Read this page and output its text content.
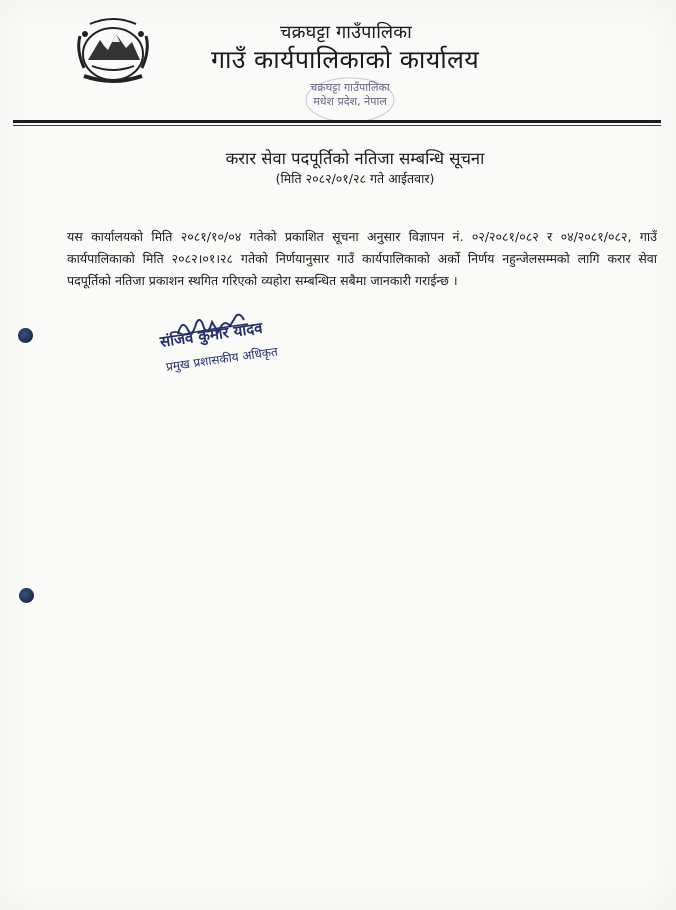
चक्रघट्टा गाउँपालिका
गाउँ कार्यपालिकाको कार्यालय
चक्रघट्टा गाउँपालिका
मधेश प्रदेश, नेपाल
करार सेवा पदपूर्तिको नतिजा सम्बन्धि सूचना
(मिति २०८२/०१/२८ गते आईतवार)
यस कार्यालयको मिति २०८१/१०/०४ गतेको प्रकाशित सूचना अनुसार विज्ञापन नं. ०२/२०८१/०८२ र ०४/२०८१/०८२, गाउँ कार्यपालिकाको मिति २०८२।०१।२८ गतेको निर्णयानुसार गाउँ कार्यपालिकाको अर्को निर्णय नहुन्जेलसम्मको लागि करार सेवा पदपूर्तिको नतिजा प्रकाशन स्थगित गरिएको व्यहोरा सम्बन्धित सबैमा जानकारी गराईन्छ ।
संजिव कुमार यादव
प्रमुख प्रशासकीय अधिकृत
